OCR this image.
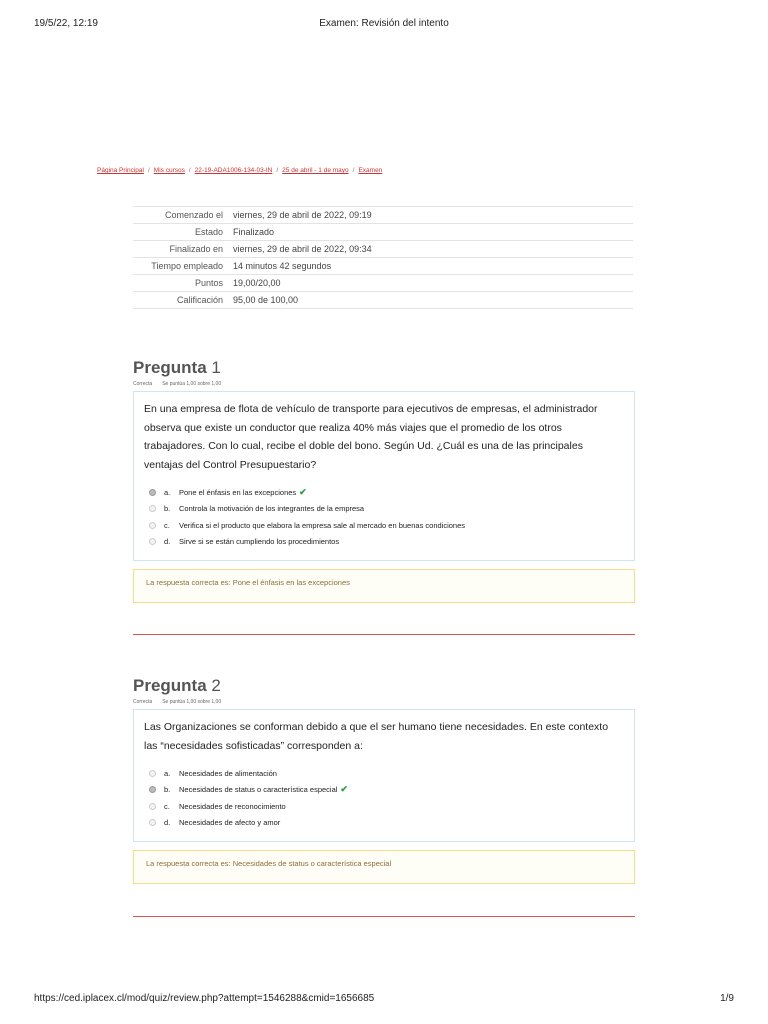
19/5/22, 12:19	Examen: Revisión del intento
Página Principal / Mis cursos / 22-19-ADA1006-134-03-IN / 25 de abril - 1 de mayo / Examen
Comenzado el	viernes, 29 de abril de 2022, 09:19
Estado	Finalizado
Finalizado en	viernes, 29 de abril de 2022, 09:34
Tiempo empleado	14 minutos 42 segundos
Puntos	19,00/20,00
Calificación	95,00 de 100,00
Pregunta 1
Correcta Se puntúa 1,00 sobre 1,00
En una empresa de flota de vehículo de transporte para ejecutivos de empresas, el administrador observa que existe un conductor que realiza 40% más viajes que el promedio de los otros trabajadores. Con lo cual, recibe el doble del bono. Según Ud. ¿Cuál es una de las principales ventajas del Control Presupuestario?
a.	Pone el énfasis en las excepciones ✔
b.	Controla la motivación de los integrantes de la empresa
c.	Verifica si el producto que elabora la empresa sale al mercado en buenas condiciones
d.	Sirve si se están cumpliendo los procedimientos
La respuesta correcta es: Pone el énfasis en las excepciones
Pregunta 2
Correcta Se puntúa 1,00 sobre 1,00
Las Organizaciones se conforman debido a que el ser humano tiene necesidades. En este contexto las “necesidades sofisticadas” corresponden a:
a.	Necesidades de alimentación
b.	Necesidades de status o característica especial ✔
c.	Necesidades de reconocimiento
d.	Necesidades de afecto y amor
La respuesta correcta es: Necesidades de status o característica especial
https://ced.iplacex.cl/mod/quiz/review.php?attempt=1546288&cmid=1656685	1/9
